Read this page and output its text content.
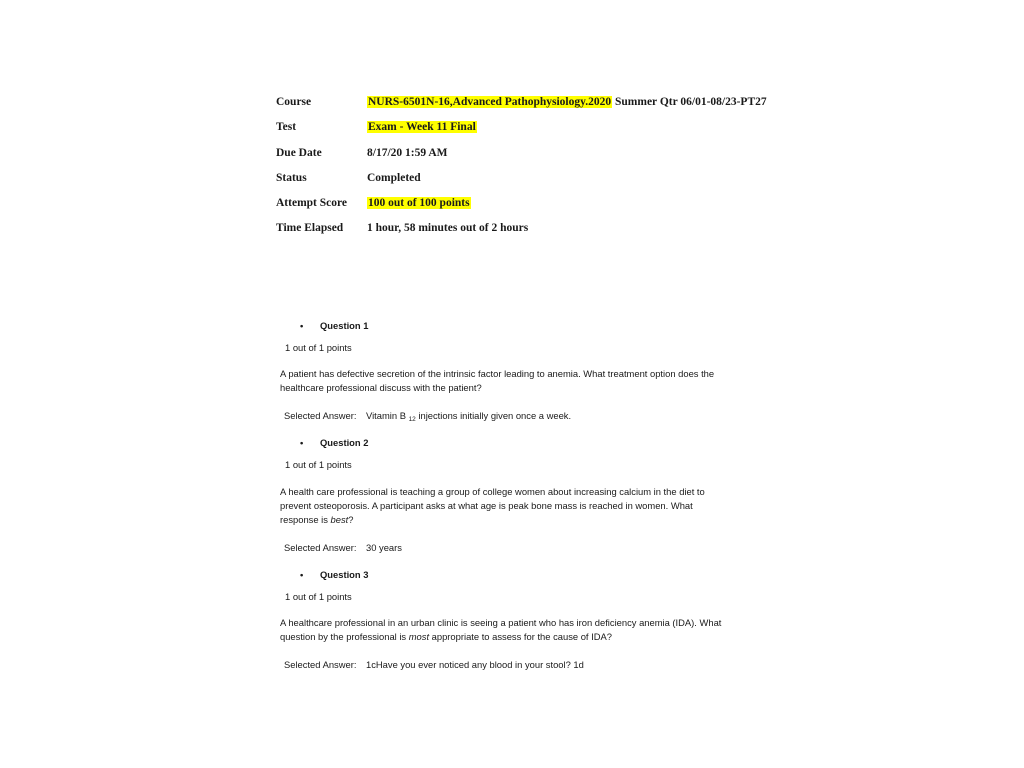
Course	NURS-6501N-16,Advanced Pathophysiology.2020 Summer Qtr 06/01-08/23-PT27
Test	Exam - Week 11 Final
Due Date	8/17/20 1:59 AM
Status	Completed
Attempt Score	100 out of 100 points
Time Elapsed	1 hour, 58 minutes out of 2 hours
• Question 1
1 out of 1 points
A patient has defective secretion of the intrinsic factor leading to anemia. What treatment option does the healthcare professional discuss with the patient?
Selected Answer: Vitamin B $_{12}$ injections initially given once a week.
• Question 2
1 out of 1 points
A health care professional is teaching a group of college women about increasing calcium in the diet to prevent osteoporosis. A participant asks at what age is peak bone mass is reached in women. What response is best?
Selected Answer: 30 years
• Question 3
1 out of 1 points
A healthcare professional in an urban clinic is seeing a patient who has iron deficiency anemia (IDA). What question by the professional is most appropriate to assess for the cause of IDA?
Selected Answer: 1cHave you ever noticed any blood in your stool? 1d
